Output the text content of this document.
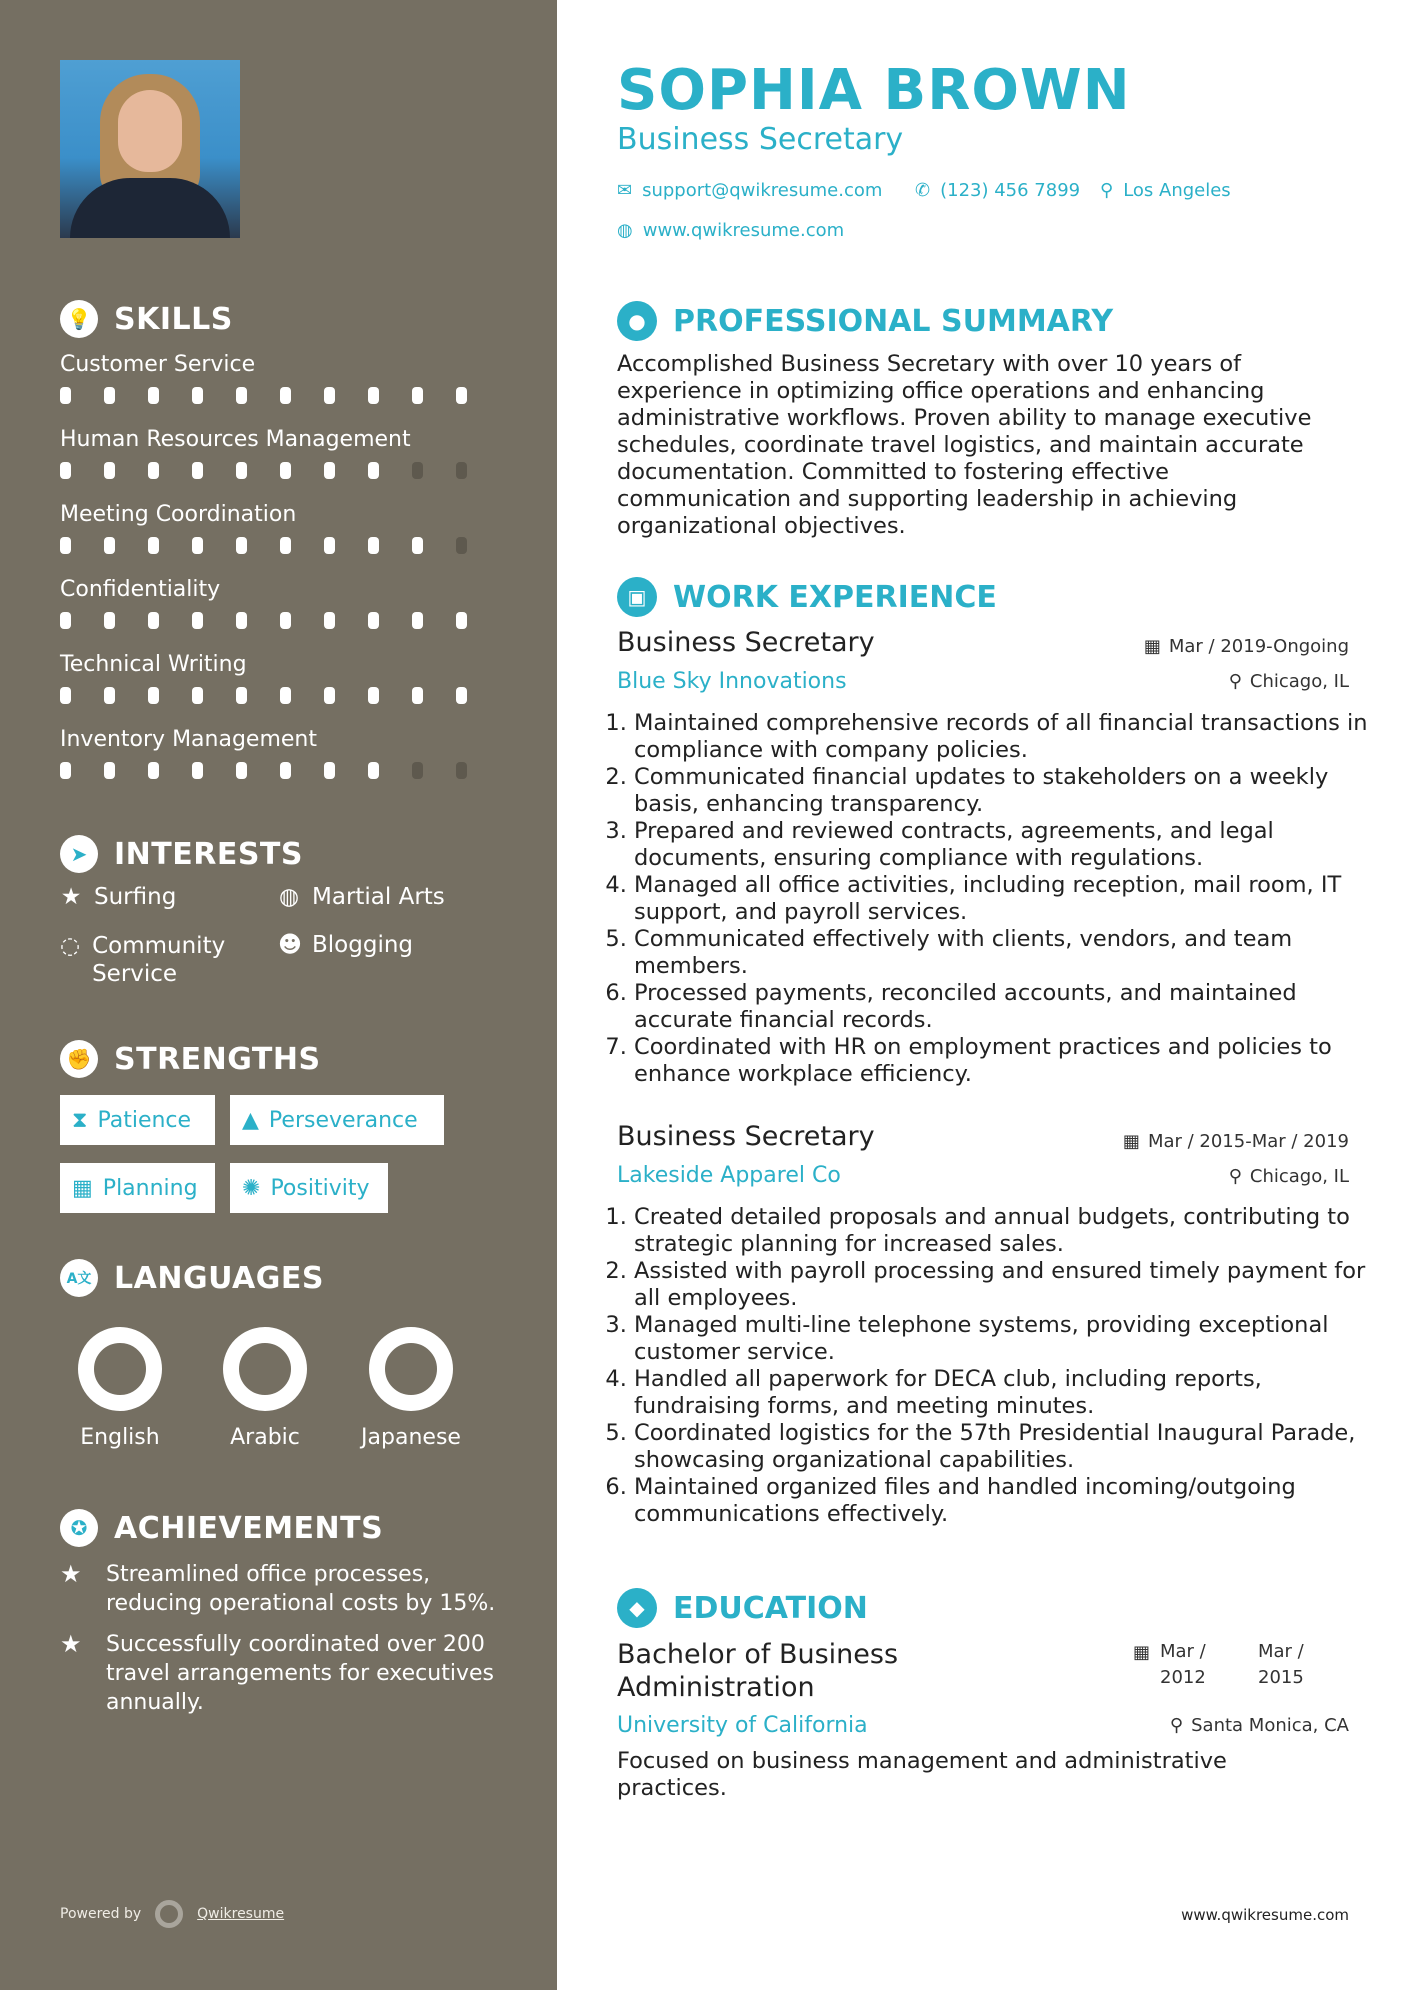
💡 SKILLS
Customer Service
Human Resources Management
Meeting Coordination
Confidentiality
Technical Writing
Inventory Management
➤ INTERESTS
★ Surfing	◍ Martial Arts
◌ Community Service
☻ Blogging
✊ STRENGTHS
⧗ Patience ▲ Perseverance
▦ Planning ✺ Positivity
A文 LANGUAGES
English	Arabic	Japanese
✪ ACHIEVEMENTS
★	Streamlined office processes, reducing operational costs by 15%.
★	Successfully coordinated over 200 travel arrangements for executives annually.
Powered by	Qwikresume
SOPHIA BROWN
Business Secretary
✉ support@qwikresume.com ✆ (123) 456 7899 ⚲ Los Angeles
◍ www.qwikresume.com
● PROFESSIONAL SUMMARY
Accomplished Business Secretary with over 10 years of experience in optimizing office operations and enhancing administrative workflows. Proven ability to manage executive schedules, coordinate travel logistics, and maintain accurate documentation. Committed to fostering effective communication and supporting leadership in achieving organizational objectives.
▣ WORK EXPERIENCE
Business Secretary
Blue Sky Innovations
▦ Mar / 2019-Ongoing
⚲ Chicago, IL
1. Maintained comprehensive records of all financial transactions in compliance with company policies.
2. Communicated financial updates to stakeholders on a weekly basis, enhancing transparency.
3. Prepared and reviewed contracts, agreements, and legal documents, ensuring compliance with regulations.
4. Managed all office activities, including reception, mail room, IT support, and payroll services.
5. Communicated effectively with clients, vendors, and team members.
6. Processed payments, reconciled accounts, and maintained accurate financial records.
7. Coordinated with HR on employment practices and policies to enhance workplace efficiency.
Business Secretary
Lakeside Apparel Co
▦ Mar / 2015-Mar / 2019
⚲ Chicago, IL
1. Created detailed proposals and annual budgets, contributing to strategic planning for increased sales.
2. Assisted with payroll processing and ensured timely payment for all employees.
3. Managed multi-line telephone systems, providing exceptional customer service.
4. Handled all paperwork for DECA club, including reports, fundraising forms, and meeting minutes.
5. Coordinated logistics for the 57th Presidential Inaugural Parade, showcasing organizational capabilities.
6. Maintained organized files and handled incoming/outgoing communications effectively.
◆ EDUCATION
Bachelor of Business
Administration
University of California
▦ Mar /
2012
Mar /
2015
⚲ Santa Monica, CA
Focused on business management and administrative practices.
www.qwikresume.com
